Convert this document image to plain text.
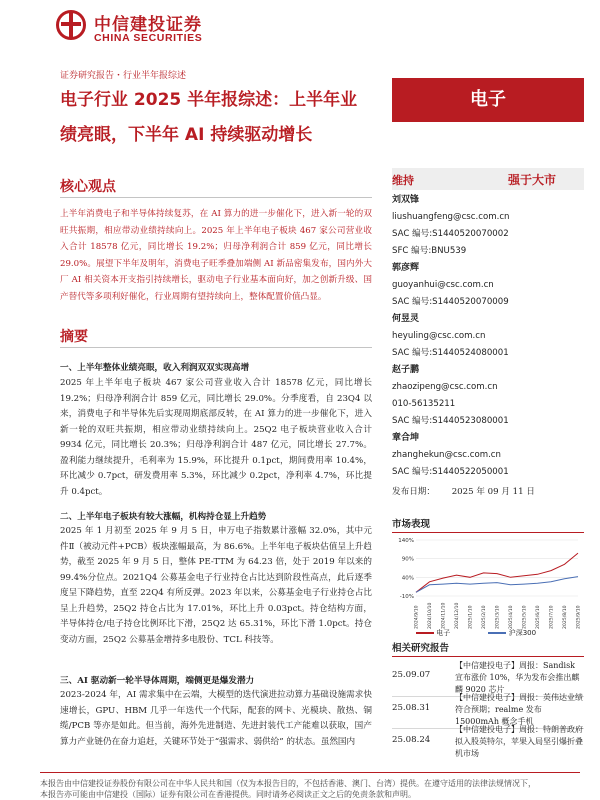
中信建投证券
CHINA SECURITIES
证券研究报告・行业半年报综述
电子行业 2025 半年报综述：上半年业
绩亮眼，下半年 AI 持续驱动增长
电子
核心观点
上半年消费电子和半导体持续复苏，在 AI 算力的进一步催化下，进入新一轮的双旺共振期，相应带动业绩持续向上。2025 年上半年电子板块 467 家公司营业收入合计 18578 亿元，同比增长 19.2%；归母净利润合计 859 亿元，同比增长 29.0%。展望下半年及明年，消费电子旺季叠加端侧 AI 新品密集发布，国内外大厂 AI 相关资本开支指引持续增长，驱动电子行业基本面向好，加之创新升级、国产替代等多项利好催化，行业周期有望持续向上，整体配置价值凸显。
摘要
一、上半年整体业绩亮眼，收入利润双双实现高增
2025 年上半年电子板块 467 家公司营业收入合计 18578 亿元，同比增长 19.2%；归母净利润合计 859 亿元，同比增长 29.0%。分季度看，自 23Q4 以来，消费电子和半导体先后实现周期底部反转，在 AI 算力的进一步催化下，进入新一轮的双旺共振期，相应带动业绩持续向上。25Q2 电子板块营业收入合计 9934 亿元，同比增长 20.3%；归母净利润合计 487 亿元，同比增长 27.7%。盈利能力继续提升，毛利率为 15.9%，环比提升 0.1pct，期间费用率 10.4%，环比减少 0.7pct，研发费用率 5.3%，环比减少 0.2pct，净利率 4.7%，环比提升 0.4pct。
二、上半年电子板块有较大涨幅，机构持仓显上升趋势
2025 年 1 月初至 2025 年 9 月 5 日，申万电子指数累计涨幅 32.0%，其中元件Ⅱ（被动元件+PCB）板块涨幅最高，为 86.6%。上半年电子板块估值呈上升趋势，截至 2025 年 9 月 5 日，整体 PE-TTM 为 64.23 倍，处于 2019 年以来的 99.4%分位点。2021Q4 公募基金电子行业持仓占比达到阶段性高点，此后逐季度呈下降趋势，直至 22Q4 有所反弹。2023 年以来，公募基金电子行业持仓占比呈上升趋势，25Q2 持仓占比为 17.01%，环比上升 0.03pct。持仓结构方面，半导体持仓/电子持仓比例环比下滑，25Q2 达 65.31%，环比下滑 1.0pct。持仓变动方面，25Q2 公募基金增持多电股份、TCL 科技等。
三、AI 驱动新一轮半导体周期，端侧更是爆发潜力
2023-2024 年，AI 需求集中在云端，大模型的迭代演进拉动算力基础设施需求快速增长，GPU、HBM 几乎一年迭代一个代际，配套的网卡、光模块、散热、铜缆/PCB 等亦是如此。但当前，海外先进制造、先进封装代工产能难以获取，国产算力产业链仍在奋力追赶，关键环节处于“强需求、弱供给” 的状态。虽然国内
维持	强于大市
刘双锋
liushuangfeng@csc.com.cn
SAC 编号:S1440520070002
SFC 编号:BNU539
郭彦辉
guoyanhui@csc.com.cn
SAC 编号:S1440520070009
何昱灵
heyuling@csc.com.cn
SAC 编号:S1440524080001
赵子鹏
zhaozipeng@csc.com.cn
010-56135211
SAC 编号:S1440523080001
章合坤
zhanghekun@csc.com.cn
SAC 编号:S1440522050001
发布日期： 2025 年 09 月 11 日
市场表现
140%
90%
40%
-10%
2024/9/10 2024/10/10 2024/11/10 2024/12/10 2025/1/10 2025/2/10 2025/3/10 2025/4/10 2025/5/10 2025/6/10 2025/7/10 2025/8/10 2025/9/10
电子	沪深300
相关研究报告
25.09.07
【中信建投电子】周报：Sandisk 宣布涨价 10%，华为发布会推出麒麟 9020 芯片
25.08.31
【中信建投电子】周报：英伟达业绩符合预期；realme 发布 15000mAh 概念手机
25.08.24
【中信建投电子】周报：特朗普政府拟入股英特尔，苹果入局坚引爆折叠机市场
本报告由中信建投证券股份有限公司在中华人民共和国（仅为本报告目的，不包括香港、澳门、台湾）提供。在遵守适用的法律法规情况下，
本报告亦可能由中信建投（国际）证券有限公司在香港提供。同时请务必阅读正文之后的免责条款和声明。
